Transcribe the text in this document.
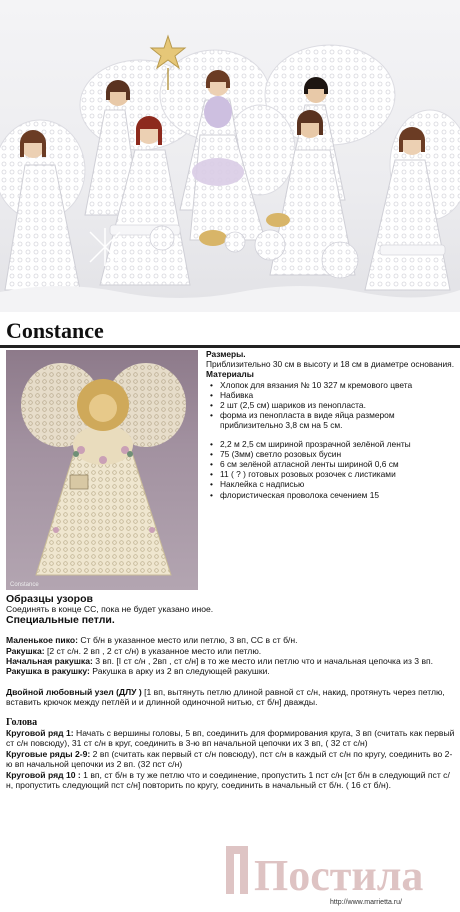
Constance
Constance
Размеры.
Приблизительно 30 см в высоту и 18 см в диаметре основания.
Материалы
• Хлопок для вязания № 10 327 м кремового цвета
• Набивка
• 2 шт (2,5 см) шариков из пенопласта.
• форма из пенопласта в виде яйца размером приблизительно 3,8 см на 5 см.
• 2,2 м 2,5 см шириной прозрачной зелёной ленты
• 75 (3мм) светло розовых бусин
• 6 см зелёной атласной ленты шириной 0,6 см
• 11 ( ? ) готовых розовых розочек с листиками
• Наклейка с надписью
• флористическая проволока сечением 15

Образцы узоров

Соединять в конце СС, пока не будет указано иное.

Специальные петли.

Маленькое пико: Ст б/н в указанное место или петлю, 3 вп, СС в ст б/н.

Ракушка: [2 ст с/н. 2 вп , 2 ст с/н) в указанное место или петлю.

Начальная ракушка: 3 вп. [I ст с/н , 2вп , ст с/н] в то же место или петлю что и начальная цепочка из 3 вп.

Ракушка в ракушку: Ракушка в арку из 2 вп следующей ракушки.

Двойной любовный узел (ДЛУ ) [1 вп, вытянуть петлю длиной равной ст с/н, накид, протянуть через петлю, вставить крючок между петлёй и и длинной одиночной нитью, ст б/н] дважды.

Голова

Круговой ряд 1: Начать с вершины головы, 5 вп, соединить для формирования круга, 3 вп (считать как первый ст с/н повсюду), 31 ст с/н в круг, соединить в 3-ю вп начальной цепочки их 3 вп, ( 32 ст с/н)

Круговые ряды 2-9: 2 вп (считать как первый ст с/н повсюду), пст с/н в каждый ст с/н по кругу, соединить во 2-ю вп начальной цепочки из 2 вп. (32 пст с/н)

Круговой ряд 10 : 1 вп, ст б/н в ту же петлю что и соединение, пропустить 1 пст с/н [ст б/н в следующий пст с/н, пропустить следующий пст с/н] повторить по кругу, соединить в начальный ст б/н. ( 16 ст б/н).

Постила
http://www.marrietta.ru/
